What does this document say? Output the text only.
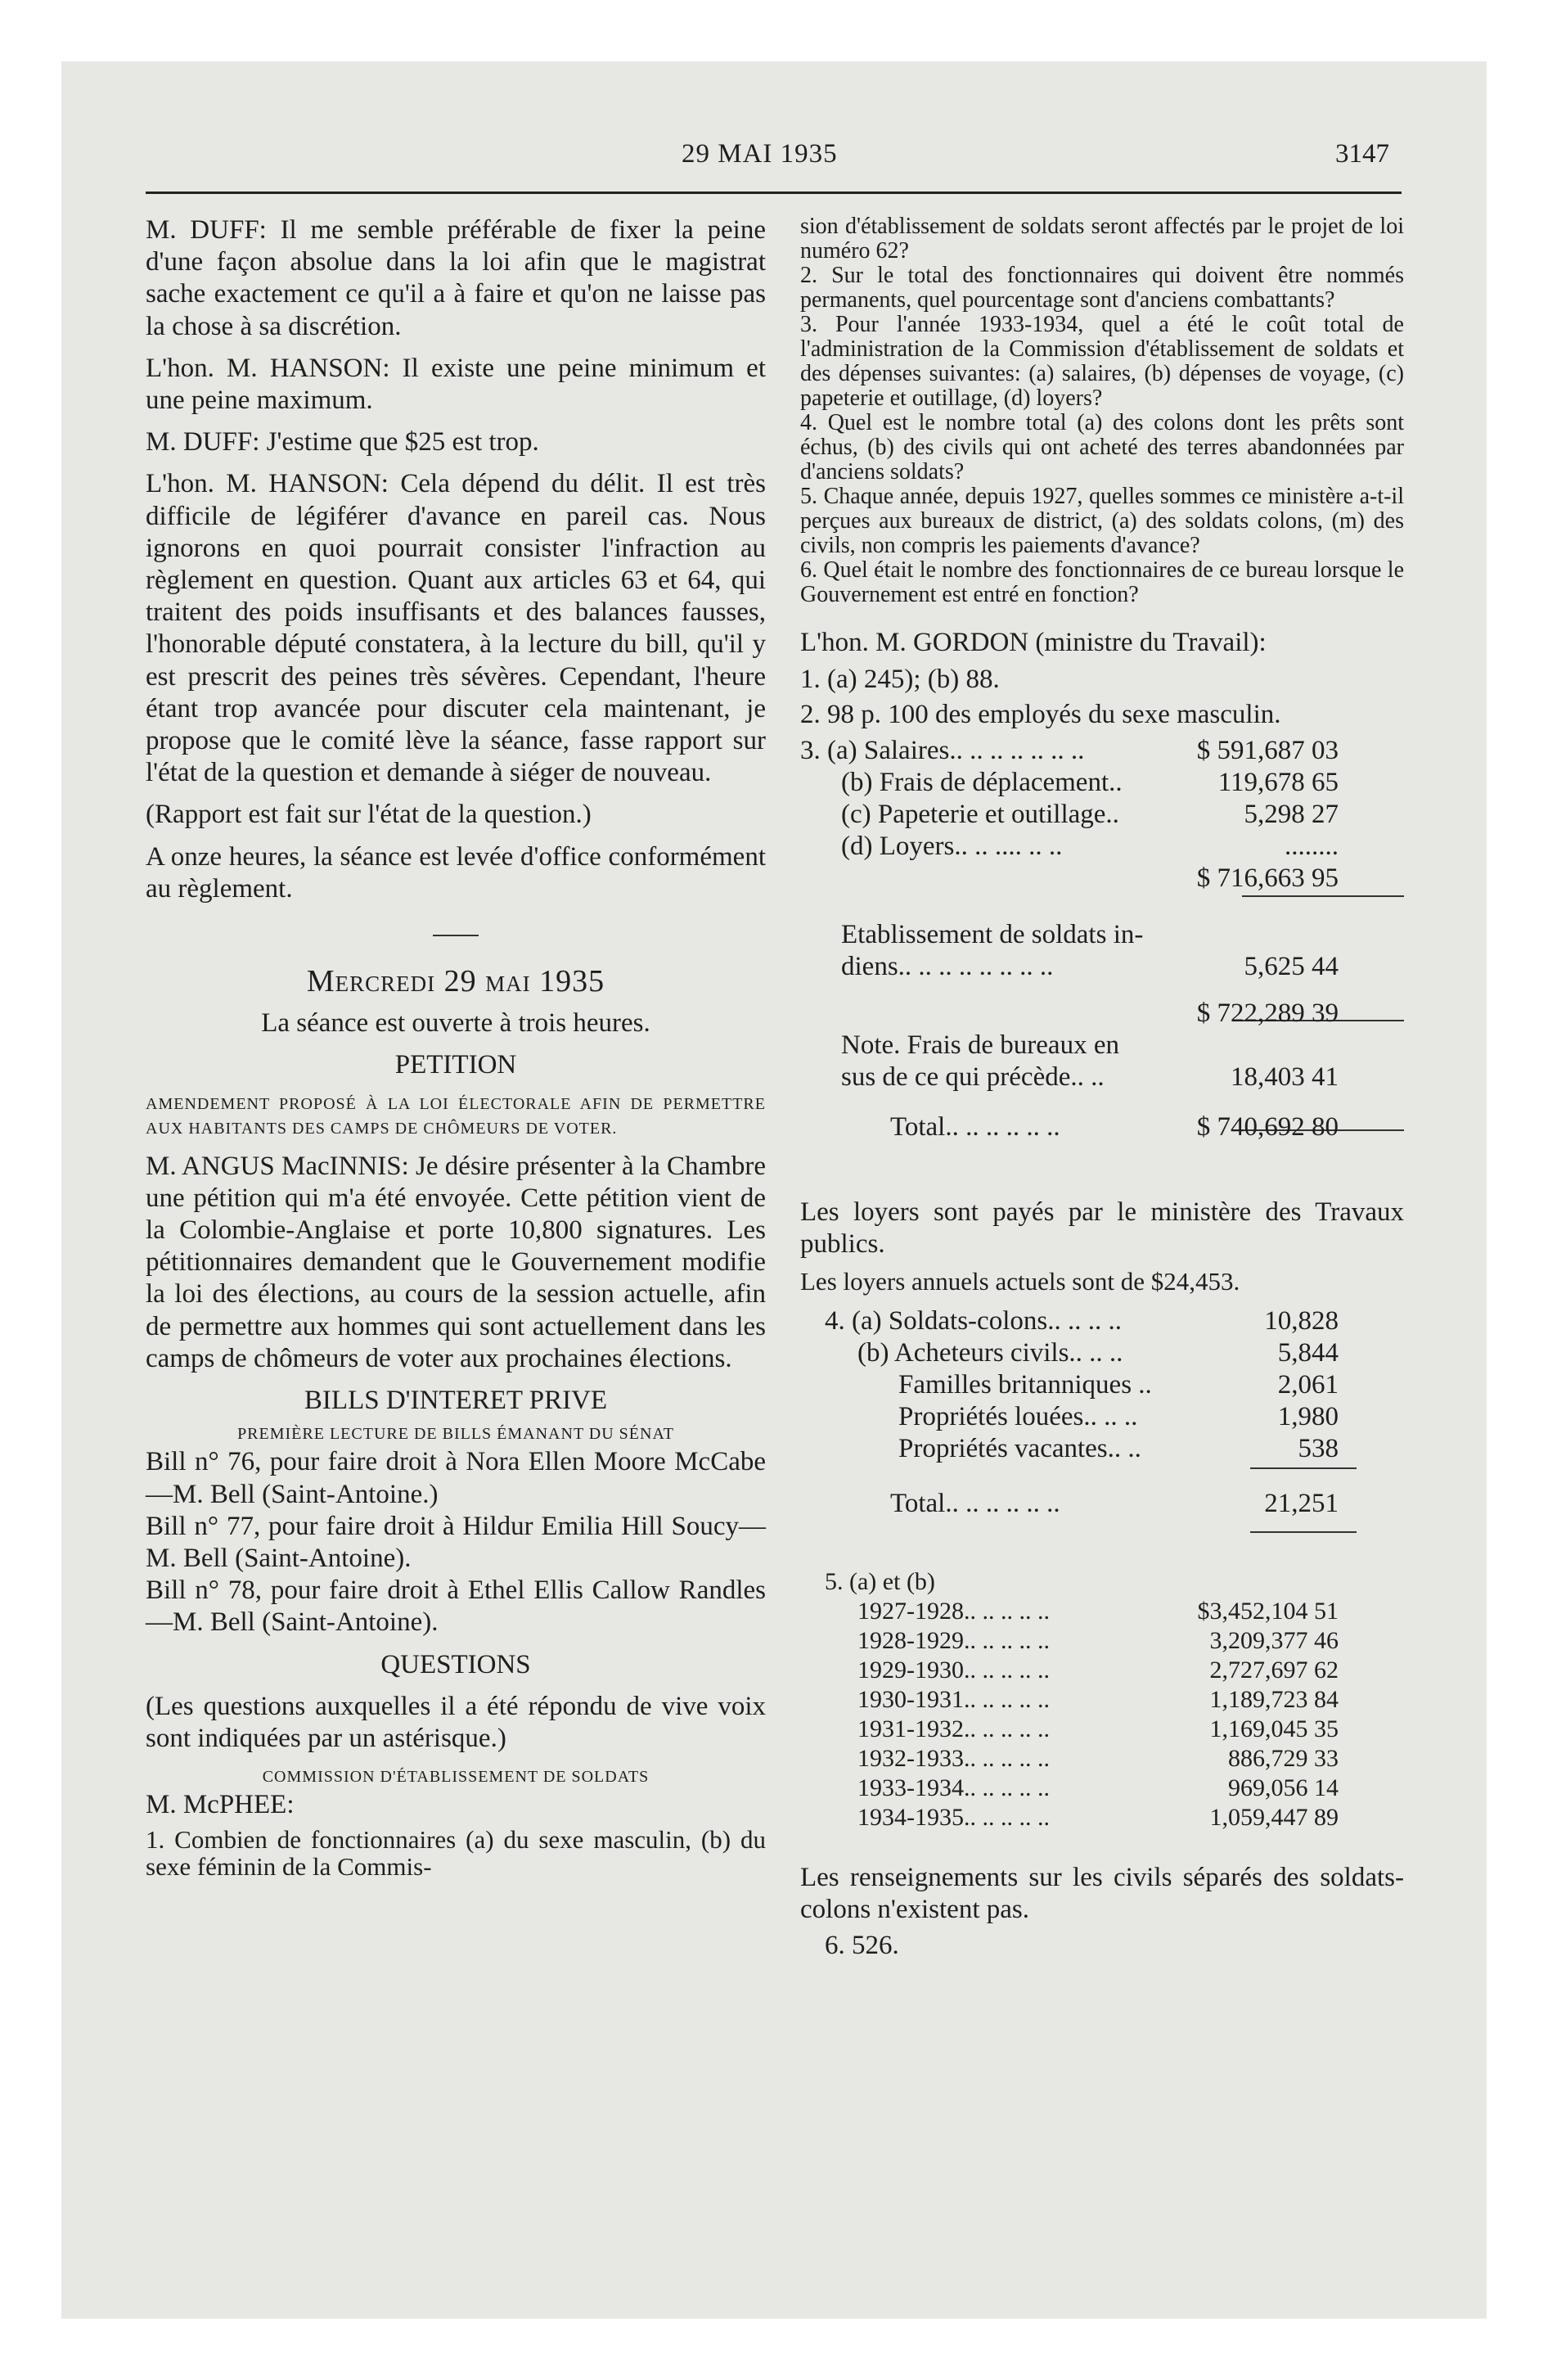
29 MAI 1935	3147

M. DUFF: Il me semble préférable de fixer la peine d'une façon absolue dans la loi afin que le magistrat sache exactement ce qu'il a à faire et qu'on ne laisse pas la chose à sa discrétion.

L'hon. M. HANSON: Il existe une peine minimum et une peine maximum.

M. DUFF: J'estime que $25 est trop.

L'hon. M. HANSON: Cela dépend du délit. Il est très difficile de légiférer d'avance en pareil cas. Nous ignorons en quoi pourrait consister l'infraction au règlement en question. Quant aux articles 63 et 64, qui traitent des poids insuffisants et des balances fausses, l'honorable député constatera, à la lecture du bill, qu'il y est prescrit des peines très sévères. Cependant, l'heure étant trop avancée pour discuter cela maintenant, je propose que le comité lève la séance, fasse rapport sur l'état de la question et demande à siéger de nouveau.

(Rapport est fait sur l'état de la question.)

A onze heures, la séance est levée d'office conformément au règlement.

Mercredi 29 mai 1935

La séance est ouverte à trois heures.

PETITION

AMENDEMENT PROPOSÉ À LA LOI ÉLECTORALE AFIN DE PERMETTRE AUX HABITANTS DES CAMPS DE CHÔMEURS DE VOTER.

M. ANGUS MacINNIS: Je désire présenter à la Chambre une pétition qui m'a été envoyée. Cette pétition vient de la Colombie-Anglaise et porte 10,800 signatures. Les pétitionnaires demandent que le Gouvernement modifie la loi des élections, au cours de la session actuelle, afin de permettre aux hommes qui sont actuellement dans les camps de chômeurs de voter aux prochaines élections.

BILLS D'INTERET PRIVE

PREMIÈRE LECTURE DE BILLS ÉMANANT DU SÉNAT

Bill n° 76, pour faire droit à Nora Ellen Moore McCabe—M. Bell (Saint-Antoine.)

Bill n° 77, pour faire droit à Hildur Emilia Hill Soucy—M. Bell (Saint-Antoine).

Bill n° 78, pour faire droit à Ethel Ellis Callow Randles—M. Bell (Saint-Antoine).

QUESTIONS

(Les questions auxquelles il a été répondu de vive voix sont indiquées par un astérisque.)

COMMISSION D'ÉTABLISSEMENT DE SOLDATS

M. McPHEE:

1. Combien de fonctionnaires (a) du sexe masculin, (b) du sexe féminin de la Commis-

sion d'établissement de soldats seront affectés par le projet de loi numéro 62?

2. Sur le total des fonctionnaires qui doivent être nommés permanents, quel pourcentage sont d'anciens combattants?

3. Pour l'année 1933-1934, quel a été le coût total de l'administration de la Commission d'établissement de soldats et des dépenses suivantes: (a) salaires, (b) dépenses de voyage, (c) papeterie et outillage, (d) loyers?

4. Quel est le nombre total (a) des colons dont les prêts sont échus, (b) des civils qui ont acheté des terres abandonnées par d'anciens soldats?

5. Chaque année, depuis 1927, quelles sommes ce ministère a-t-il perçues aux bureaux de district, (a) des soldats colons, (m) des civils, non compris les paiements d'avance?

6. Quel était le nombre des fonctionnaires de ce bureau lorsque le Gouvernement est entré en fonction?

L'hon. M. GORDON (ministre du Travail):

1. (a) 245); (b) 88.

2. 98 p. 100 des employés du sexe masculin.

3. (a) Salaires.. .. .. .. .. .. ..	$ 591,687 03
(b) Frais de déplacement..	119,678 65
(c) Papeterie et outillage..	5,298 27
(d) Loyers.. .. .... .. ..	........
$ 716,663 95
Etablissement de soldats in-
diens.. .. .. .. .. .. .. ..	5,625 44
$ 722,289 39
Note. Frais de bureaux en
sus de ce qui précède.. ..	18,403 41
Total.. .. .. .. .. ..	$ 740,692 80

Les loyers sont payés par le ministère des Travaux publics.

Les loyers annuels actuels sont de $24,453.

4. (a) Soldats-colons.. .. .. ..	10,828
(b) Acheteurs civils.. .. ..	5,844
Familles britanniques ..	2,061
Propriétés louées.. .. ..	1,980
Propriétés vacantes.. ..	538
Total.. .. .. .. .. ..	21,251
5. (a) et (b)
1927-1928.. .. .. .. ..	$3,452,104 51
1928-1929.. .. .. .. ..	3,209,377 46
1929-1930.. .. .. .. ..	2,727,697 62
1930-1931.. .. .. .. ..	1,189,723 84
1931-1932.. .. .. .. ..	1,169,045 35
1932-1933.. .. .. .. ..	886,729 33
1933-1934.. .. .. .. ..	969,056 14
1934-1935.. .. .. .. ..	1,059,447 89

Les renseignements sur les civils séparés des soldats-colons n'existent pas.

6. 526.
